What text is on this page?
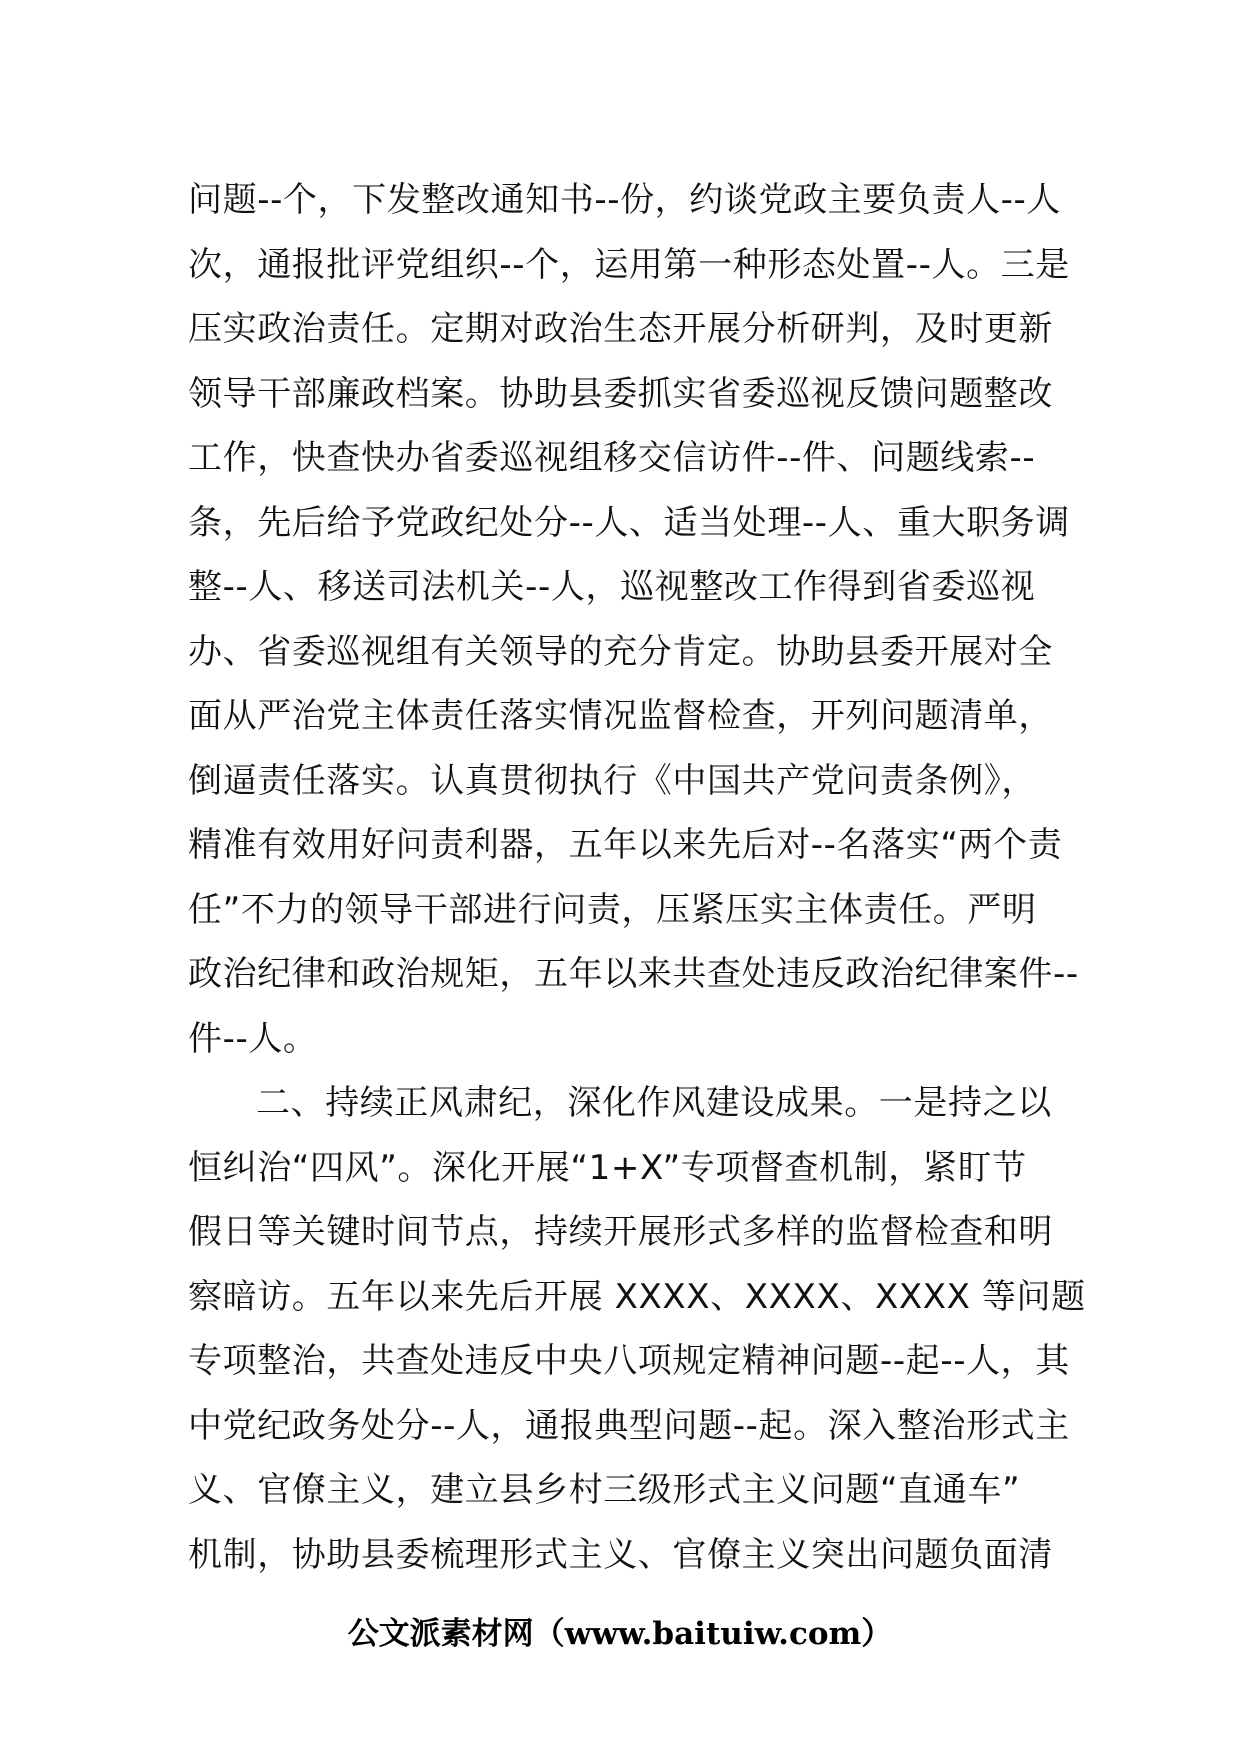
问题--个，下发整改通知书--份，约谈党政主要负责人--人
次，通报批评党组织--个，运用第一种形态处置--人。三是
压实政治责任。定期对政治生态开展分析研判，及时更新
领导干部廉政档案。协助县委抓实省委巡视反馈问题整改
工作，快查快办省委巡视组移交信访件--件、问题线索--
条，先后给予党政纪处分--人、适当处理--人、重大职务调
整--人、移送司法机关--人，巡视整改工作得到省委巡视
办、省委巡视组有关领导的充分肯定。协助县委开展对全
面从严治党主体责任落实情况监督检查，开列问题清单，
倒逼责任落实。认真贯彻执行《中国共产党问责条例》，
精准有效用好问责利器，五年以来先后对--名落实“两个责
任”不力的领导干部进行问责，压紧压实主体责任。严明
政治纪律和政治规矩，五年以来共查处违反政治纪律案件--
件--人。
二、持续正风肃纪，深化作风建设成果。一是持之以
恒纠治“四风”。深化开展“1+X”专项督查机制，紧盯节
假日等关键时间节点，持续开展形式多样的监督检查和明
察暗访。五年以来先后开展 XXXX、XXXX、XXXX 等问题
专项整治，共查处违反中央八项规定精神问题--起--人，其
中党纪政务处分--人，通报典型问题--起。深入整治形式主
义、官僚主义，建立县乡村三级形式主义问题“直通车”
机制，协助县委梳理形式主义、官僚主义突出问题负面清
公文派素材网（www.baituiw.com）
